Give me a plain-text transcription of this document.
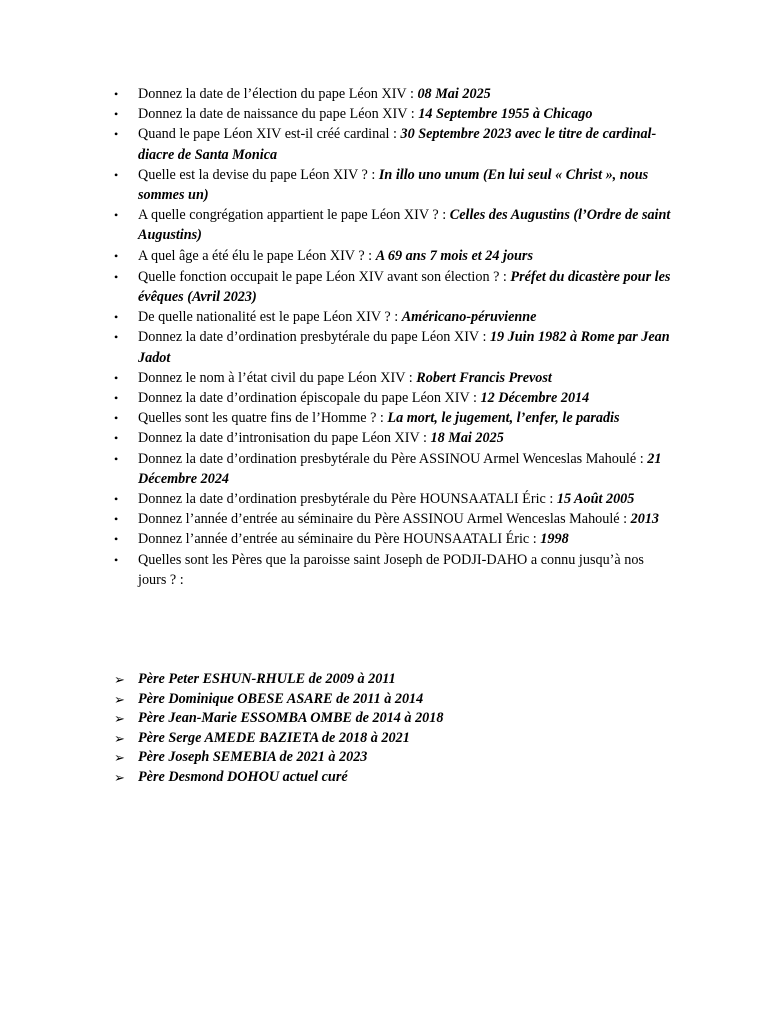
•	Donnez la date de l’élection du pape Léon XIV : 08 Mai 2025
•	Donnez la date de naissance du pape Léon XIV : 14 Septembre 1955 à Chicago
•	Quand le pape Léon XIV est-il créé cardinal : 30 Septembre 2023 avec le titre de cardinal-diacre de Santa Monica
•	Quelle est la devise du pape Léon XIV ? : In illo uno unum (En lui seul « Christ », nous sommes un)
•	A quelle congrégation appartient le pape Léon XIV ? : Celles des Augustins (l’Ordre de saint Augustins)
•	A quel âge a été élu le pape Léon XIV ? : A 69 ans 7 mois et 24 jours
•	Quelle fonction occupait le pape Léon XIV avant son élection ? : Préfet du dicastère pour les évêques (Avril 2023)
•	De quelle nationalité est le pape Léon XIV ? : Américano-péruvienne
•	Donnez la date d’ordination presbytérale du pape Léon XIV : 19 Juin 1982 à Rome par Jean Jadot
•	Donnez le nom à l’état civil du pape Léon XIV : Robert Francis Prevost
•	Donnez la date d’ordination épiscopale du pape Léon XIV : 12 Décembre 2014
•	Quelles sont les quatre fins de l’Homme ? : La mort, le jugement, l’enfer, le paradis
•	Donnez la date d’intronisation du pape Léon XIV : 18 Mai 2025
•	Donnez la date d’ordination presbytérale du Père ASSINOU Armel Wenceslas Mahoulé : 21 Décembre 2024
•	Donnez la date d’ordination presbytérale du Père HOUNSAATALI Éric : 15 Août 2005
•	Donnez l’année d’entrée au séminaire du Père ASSINOU Armel Wenceslas Mahoulé : 2013
•	Donnez l’année d’entrée au séminaire du Père HOUNSAATALI Éric : 1998
•	Quelles sont les Pères que la paroisse saint Joseph de PODJI-DAHO a connu jusqu’à nos jours ? :
➢ Père Peter ESHUN-RHULE de 2009 à 2011
➢ Père Dominique OBESE ASARE de 2011 à 2014
➢ Père Jean-Marie ESSOMBA OMBE de 2014 à 2018
➢ Père Serge AMEDE BAZIETA de 2018 à 2021
➢ Père Joseph SEMEBIA de 2021 à 2023
➢ Père Desmond DOHOU actuel curé
